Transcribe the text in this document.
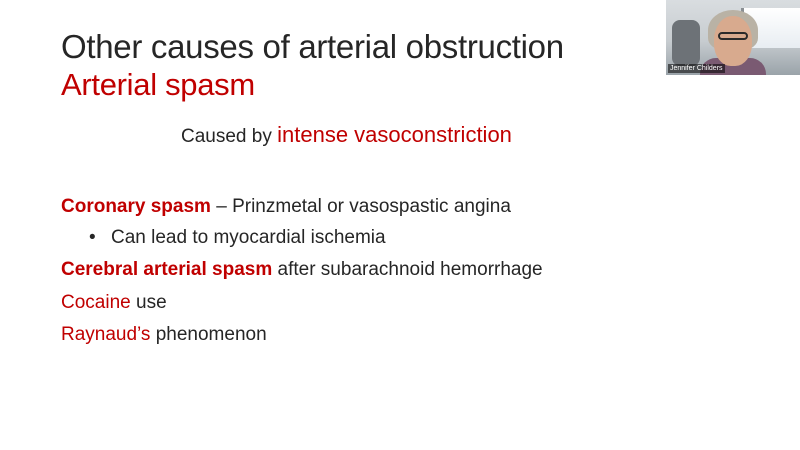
Other causes of arterial obstruction
Arterial spasm
Caused by intense vasoconstriction
Coronary spasm – Prinzmetal or vasospastic angina
• Can lead to myocardial ischemia
Cerebral arterial spasm after subarachnoid hemorrhage
Cocaine use
Raynaud’s phenomenon
Jennifer Childers
